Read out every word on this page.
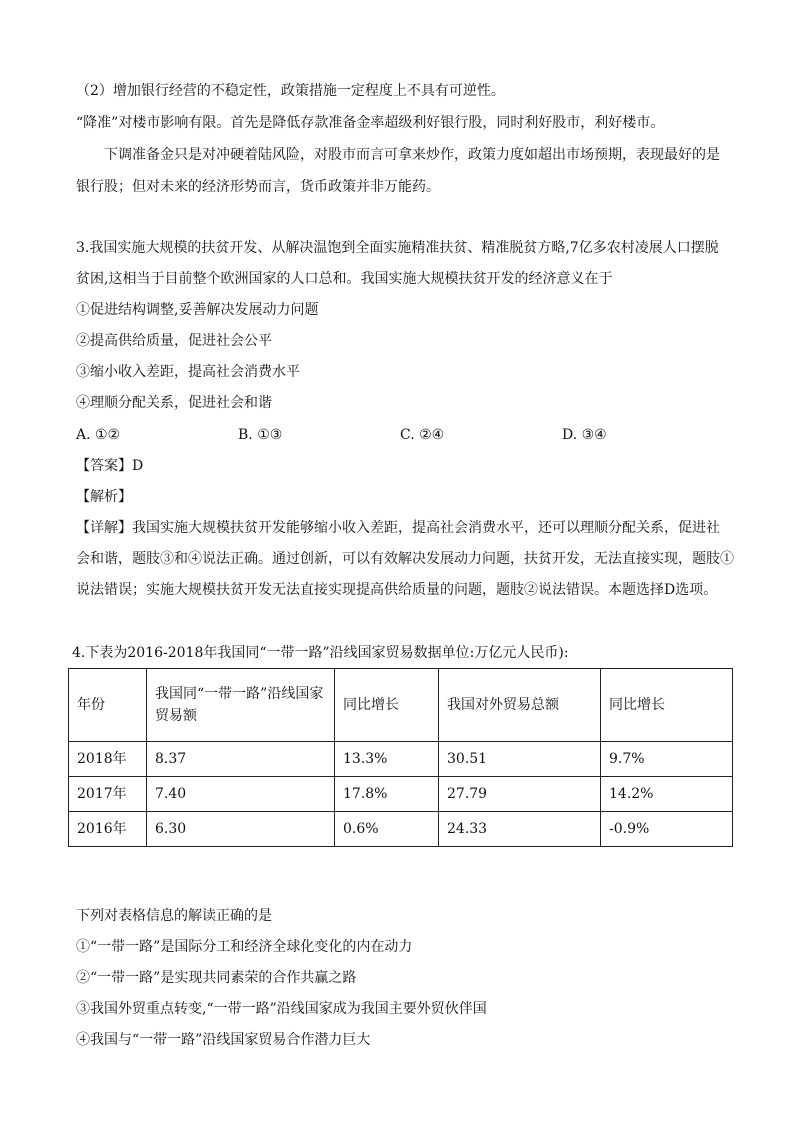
（2）增加银行经营的不稳定性，政策措施一定程度上不具有可逆性。
“降准”对楼市影响有限。首先是降低存款准备金率超级利好银行股，同时利好股市，利好楼市。
下调准备金只是对冲硬着陆风险，对股市而言可拿来炒作，政策力度如超出市场预期，表现最好的是
银行股；但对未来的经济形势而言，货币政策并非万能药。
3.我国实施大规模的扶贫开发、从解决温饱到全面实施精准扶贫、精准脱贫方略,7亿多农村凌展人口摆脱
贫困,这相当于目前整个欧洲国家的人口总和。我国实施大规模扶贫开发的经济意义在于
①促进结构调整,妥善解决发展动力问题
②提高供给质量，促进社会公平
③缩小收入差距，提高社会消费水平
④理顺分配关系，促进社会和谐
A. ①②	B. ①③	C. ②④	D. ③④
【答案】D
【解析】
【详解】我国实施大规模扶贫开发能够缩小收入差距，提高社会消费水平，还可以理顺分配关系，促进社
会和谐，题肢③和④说法正确。通过创新，可以有效解决发展动力问题，扶贫开发，无法直接实现，题肢①
说法错误；实施大规模扶贫开发无法直接实现提高供给质量的问题，题肢②说法错误。本题选择D选项。
4.下表为2016-2018年我国同“一带一路”沿线国家贸易数据单位:万亿元人民币):
年份	我国同“一带一路”沿线国家贸易额	同比增长	我国对外贸易总额	同比增长
2018年	8.37	13.3%	30.51	9.7%
2017年	7.40	17.8%	27.79	14.2%
2016年	6.30	0.6%	24.33	-0.9%
下列对表格信息的解读正确的是
①“一带一路”是国际分工和经济全球化变化的内在动力
②“一带一路”是实现共同素荣的合作共赢之路
③我国外贸重点转变,“一带一路”沿线国家成为我国主要外贸伙伴国
④我国与“一带一路”沿线国家贸易合作潜力巨大
